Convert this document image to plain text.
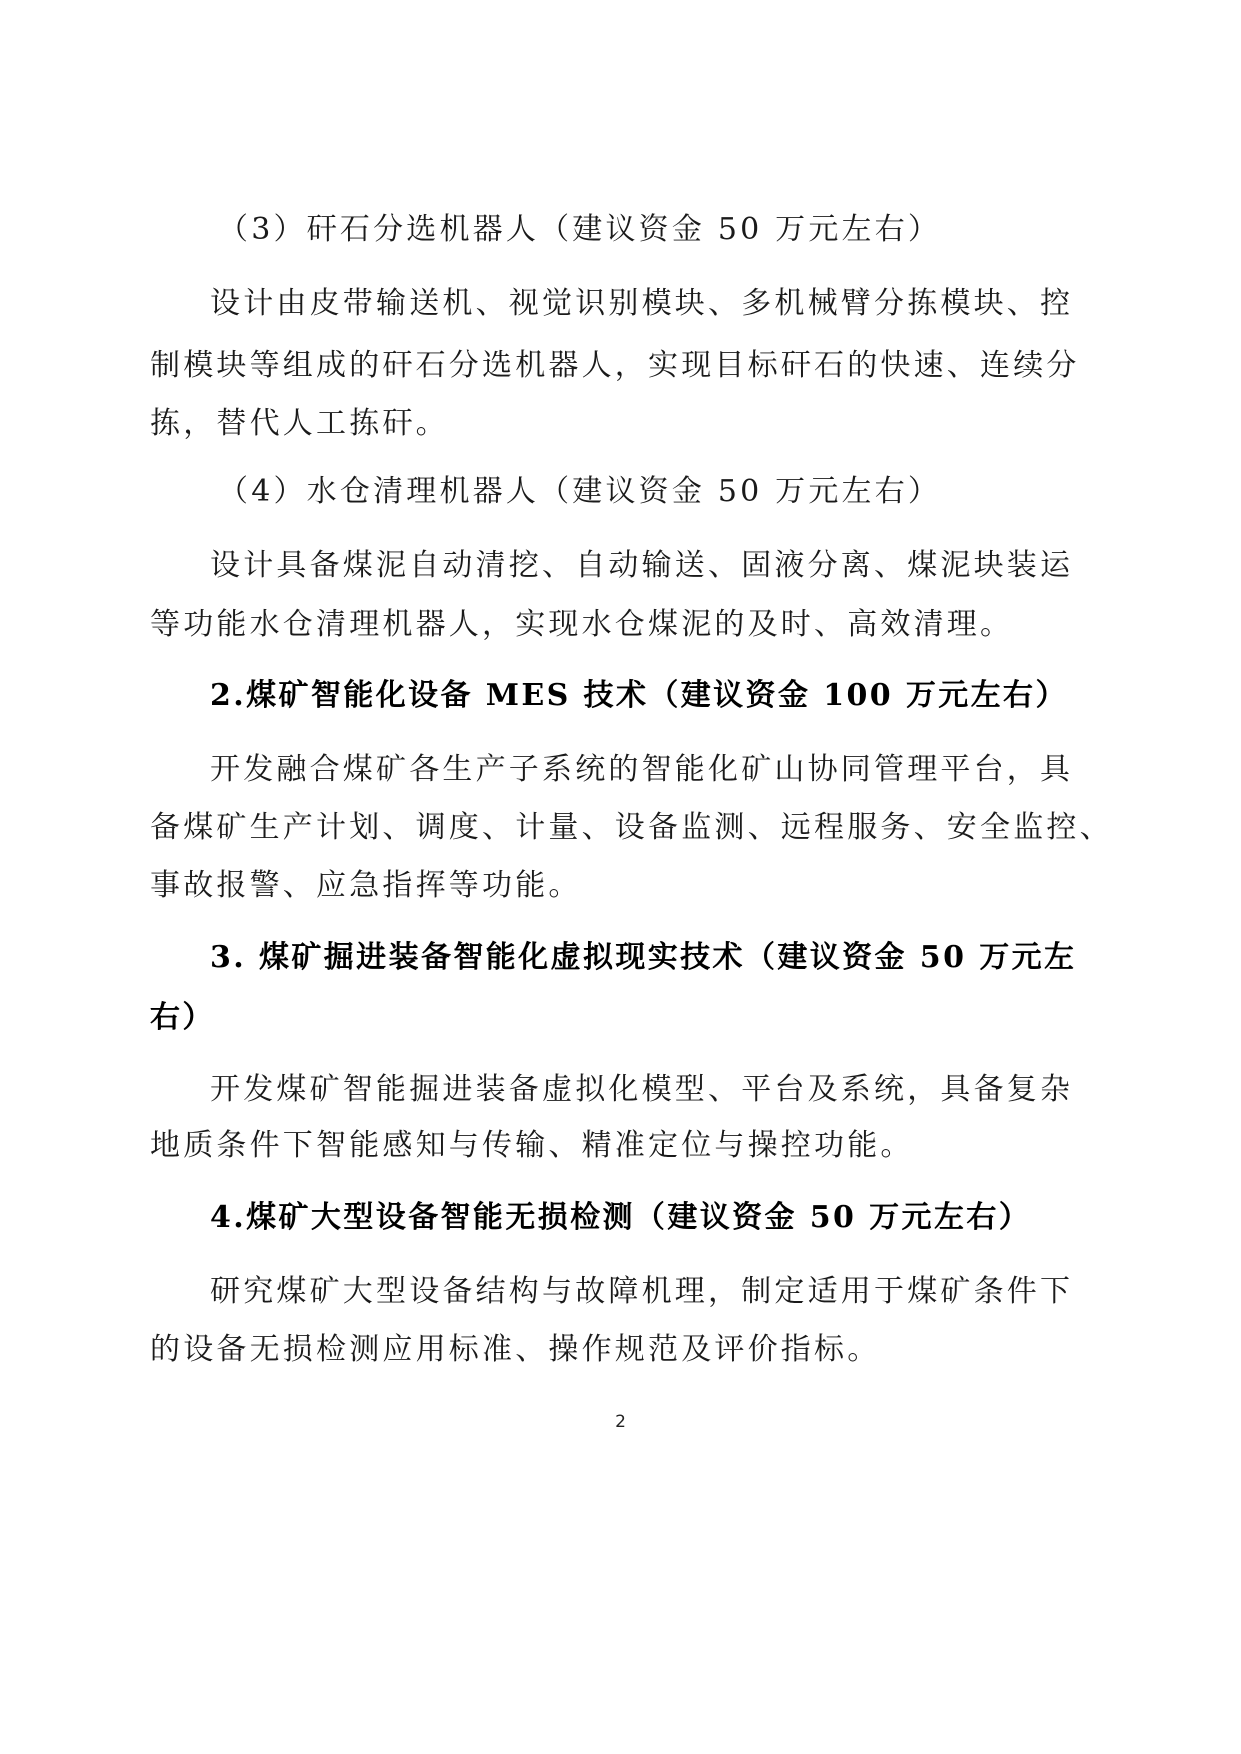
（3）矸石分选机器人（建议资金 50 万元左右）
设计由皮带输送机、视觉识别模块、多机械臂分拣模块、控
制模块等组成的矸石分选机器人，实现目标矸石的快速、连续分
拣，替代人工拣矸。
（4）水仓清理机器人（建议资金 50 万元左右）
设计具备煤泥自动清挖、自动输送、固液分离、煤泥块装运
等功能水仓清理机器人，实现水仓煤泥的及时、高效清理。
2.煤矿智能化设备 MES 技术（建议资金 100 万元左右）
开发融合煤矿各生产子系统的智能化矿山协同管理平台，具
备煤矿生产计划、调度、计量、设备监测、远程服务、安全监控、
事故报警、应急指挥等功能。
3. 煤矿掘进装备智能化虚拟现实技术（建议资金 50 万元左
右）
开发煤矿智能掘进装备虚拟化模型、平台及系统，具备复杂
地质条件下智能感知与传输、精准定位与操控功能。
4.煤矿大型设备智能无损检测（建议资金 50 万元左右）
研究煤矿大型设备结构与故障机理，制定适用于煤矿条件下
的设备无损检测应用标准、操作规范及评价指标。
2
